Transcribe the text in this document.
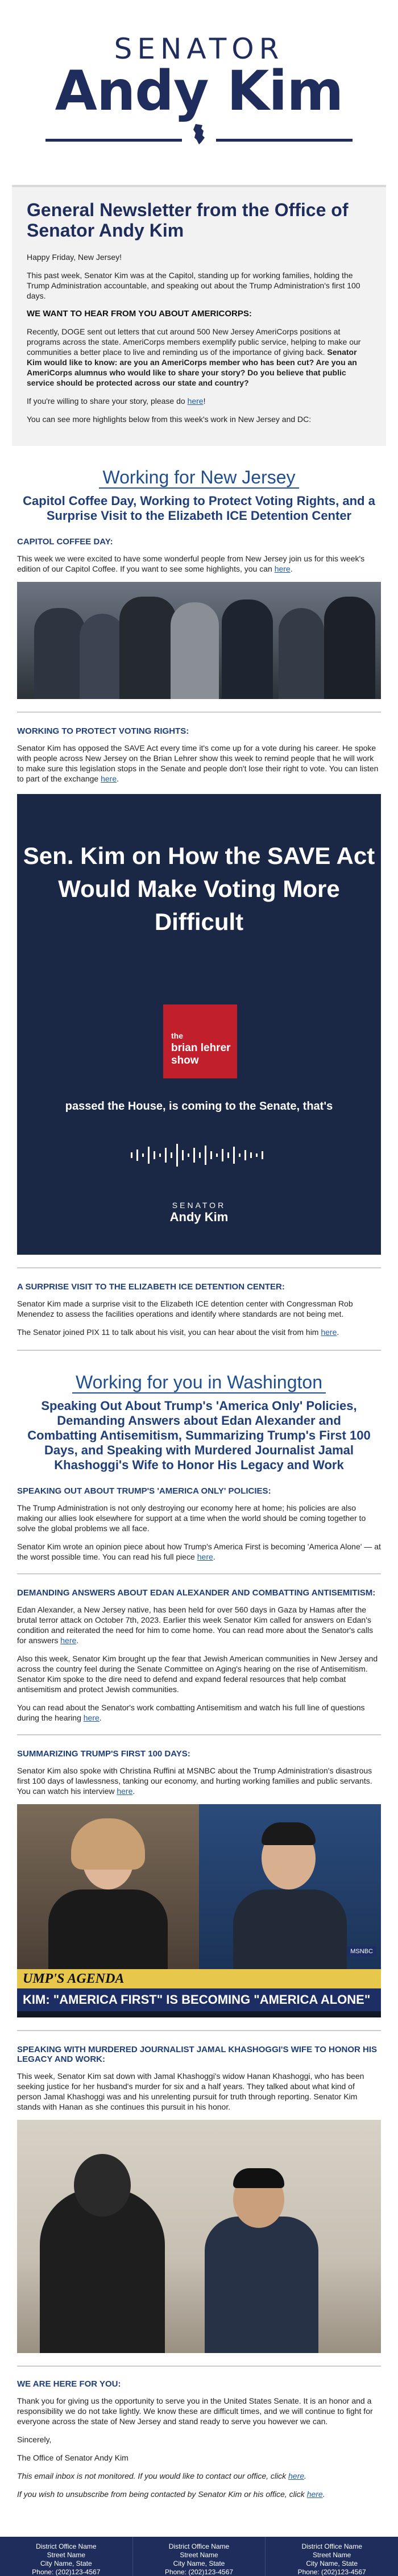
SENATOR
Andy Kim
General Newsletter from the Office of Senator Andy Kim

Happy Friday, New Jersey!

This past week, Senator Kim was at the Capitol, standing up for working families, holding the Trump Administration accountable, and speaking out about the Trump Administration's first 100 days.

WE WANT TO HEAR FROM YOU ABOUT AMERICORPS:

Recently, DOGE sent out letters that cut around 500 New Jersey AmeriCorps positions at programs across the state. AmeriCorps members exemplify public service, helping to make our communities a better place to live and reminding us of the importance of giving back. Senator Kim would like to know: are you an AmeriCorps member who has been cut? Are you an AmeriCorps alumnus who would like to share your story? Do you believe that public service should be protected across our state and country?

If you're willing to share your story, please do here!

You can see more highlights below from this week's work in New Jersey and DC:

Working for New Jersey
Capitol Coffee Day, Working to Protect Voting Rights, and a Surprise Visit to the Elizabeth ICE Detention Center
CAPITOL COFFEE DAY:

This week we were excited to have some wonderful people from New Jersey join us for this week's edition of our Capitol Coffee. If you want to see some highlights, you can here.

WORKING TO PROTECT VOTING RIGHTS:

Senator Kim has opposed the SAVE Act every time it's come up for a vote during his career. He spoke with people across New Jersey on the Brian Lehrer show this week to remind people that he will work to make sure this legislation stops in the Senate and people don't lose their right to vote. You can listen to part of the exchange here.

Sen. Kim on How the SAVE Act Would Make Voting More Difficult
the
brian lehrer show
passed the House, is coming to the Senate, that's
SENATOR
Andy Kim
A SURPRISE VISIT TO THE ELIZABETH ICE DETENTION CENTER:

Senator Kim made a surprise visit to the Elizabeth ICE detention center with Congressman Rob Menendez to assess the facilities operations and identify where standards are not being met.

The Senator joined PIX 11 to talk about his visit, you can hear about the visit from him here.

Working for you in Washington
Speaking Out About Trump's 'America Only' Policies, Demanding Answers about Edan Alexander and Combatting Antisemitism, Summarizing Trump's First 100 Days, and Speaking with Murdered Journalist Jamal Khashoggi's Wife to Honor His Legacy and Work
SPEAKING OUT ABOUT TRUMP'S 'AMERICA ONLY' POLICIES:

The Trump Administration is not only destroying our economy here at home; his policies are also making our allies look elsewhere for support at a time when the world should be coming together to solve the global problems we all face.

Senator Kim wrote an opinion piece about how Trump's America First is becoming 'America Alone' — at the worst possible time. You can read his full piece here.

DEMANDING ANSWERS ABOUT EDAN ALEXANDER AND COMBATTING ANTISEMITISM:

Edan Alexander, a New Jersey native, has been held for over 560 days in Gaza by Hamas after the brutal terror attack on October 7th, 2023. Earlier this week Senator Kim called for answers on Edan's condition and reiterated the need for him to come home. You can read more about the Senator's calls for answers here.

Also this week, Senator Kim brought up the fear that Jewish American communities in New Jersey and across the country feel during the Senate Committee on Aging's hearing on the rise of Antisemitism. Senator Kim spoke to the dire need to defend and expand federal resources that help combat antisemitism and protect Jewish communities.

You can read about the Senator's work combatting Antisemitism and watch his full line of questions during the hearing here.

SUMMARIZING TRUMP'S FIRST 100 DAYS:

Senator Kim also spoke with Christina Ruffini at MSNBC about the Trump Administration's disastrous first 100 days of lawlessness, tanking our economy, and hurting working families and public servants. You can watch his interview here.

MSNBC
UMP'S AGENDA
KIM: "AMERICA FIRST" IS BECOMING "AMERICA ALONE"
SPEAKING WITH MURDERED JOURNALIST JAMAL KHASHOGGI'S WIFE TO HONOR HIS LEGACY AND WORK:

This week, Senator Kim sat down with Jamal Khashoggi's widow Hanan Khashoggi, who has been seeking justice for her husband's murder for six and a half years. They talked about what kind of person Jamal Khashoggi was and his unrelenting pursuit for truth through reporting. Senator Kim stands with Hanan as she continues this pursuit in his honor.

WE ARE HERE FOR YOU:

Thank you for giving us the opportunity to serve you in the United States Senate. It is an honor and a responsibility we do not take lightly. We know these are difficult times, and we will continue to fight for everyone across the state of New Jersey and stand ready to serve you however we can.

Sincerely,

The Office of Senator Andy Kim

This email inbox is not monitored. If you would like to contact our office, click here.

If you wish to unsubscribe from being contacted by Senator Kim or his office, click here.

District Office Name
Street Name
City Name, State
Phone: (202)123-4567
District Office Name
Street Name
City Name, State
Phone: (202)123-4567
District Office Name
Street Name
City Name, State
Phone: (202)123-4567
